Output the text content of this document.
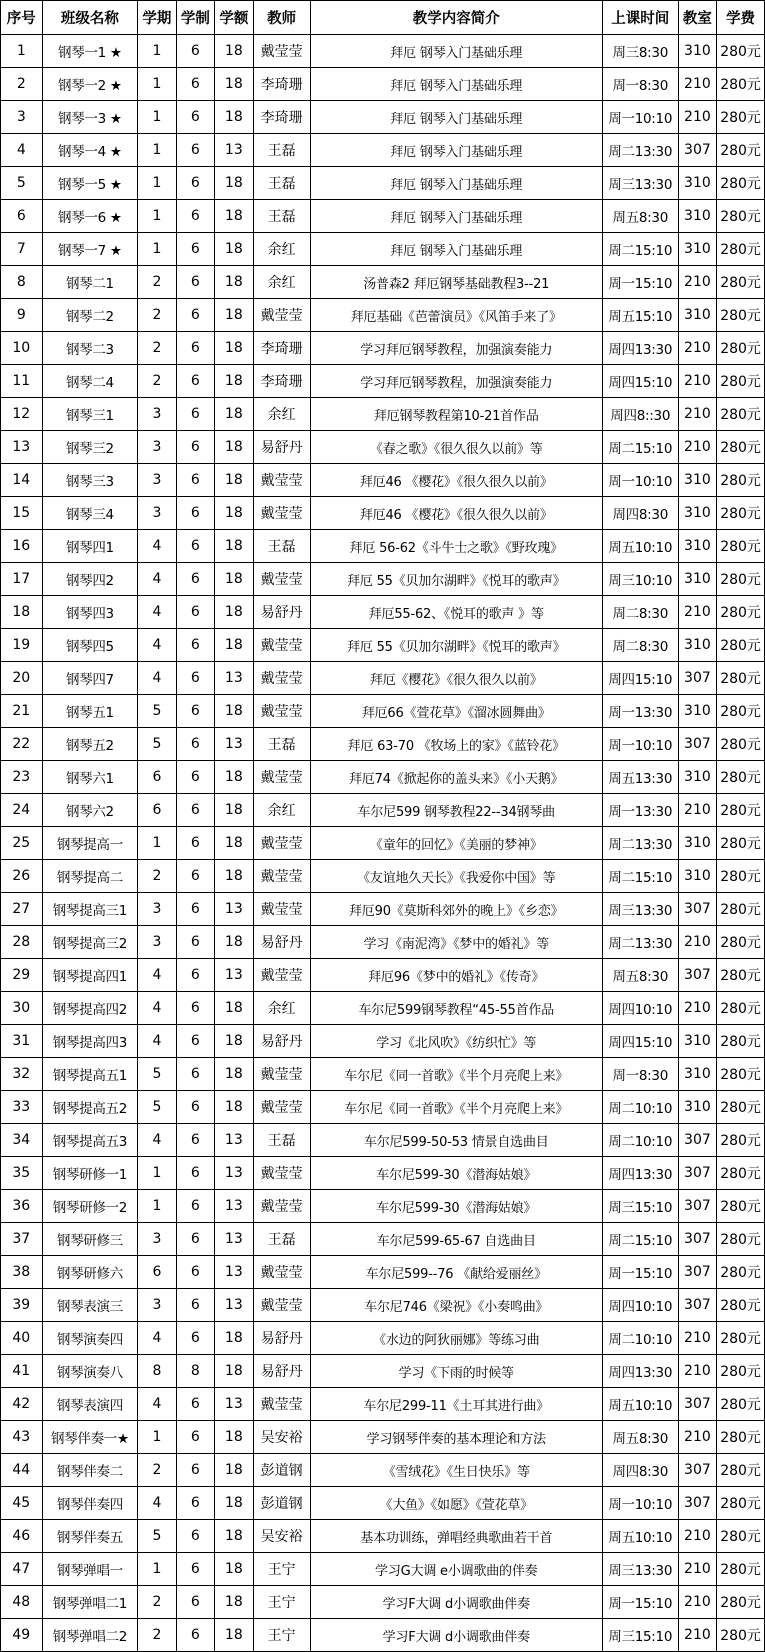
序号	班级名称	学期	学制	学额	教师	教学内容简介	上课时间	教室	学费
1	钢琴一1 ★	1	6	18	戴莹莹	拜厄 钢琴入门基础乐理	周三8:30	310	280元
2	钢琴一2 ★	1	6	18	李琦珊	拜厄 钢琴入门基础乐理	周一8:30	210	280元
3	钢琴一3 ★	1	6	18	李琦珊	拜厄 钢琴入门基础乐理	周一10:10	210	280元
4	钢琴一4 ★	1	6	13	王磊	拜厄 钢琴入门基础乐理	周二13:30	307	280元
5	钢琴一5 ★	1	6	18	王磊	拜厄 钢琴入门基础乐理	周三13:30	310	280元
6	钢琴一6 ★	1	6	18	王磊	拜厄 钢琴入门基础乐理	周五8:30	310	280元
7	钢琴一7 ★	1	6	18	余红	拜厄 钢琴入门基础乐理	周二15:10	310	280元
8	钢琴二1	2	6	18	余红	汤普森2 拜厄钢琴基础教程3--21	周一15:10	210	280元
9	钢琴二2	2	6	18	戴莹莹	拜厄基础《芭蕾演员》《风笛手来了》	周五15:10	310	280元
10	钢琴二3	2	6	18	李琦珊	学习拜厄钢琴教程，加强演奏能力	周四13:30	210	280元
11	钢琴二4	2	6	18	李琦珊	学习拜厄钢琴教程，加强演奏能力	周四15:10	210	280元
12	钢琴三1	3	6	18	余红	拜厄钢琴教程第10-21首作品	周四8::30	210	280元
13	钢琴三2	3	6	18	易舒丹	《春之歌》《很久很久以前》等	周二15:10	210	280元
14	钢琴三3	3	6	18	戴莹莹	拜厄46 《樱花》《很久很久以前》	周一10:10	310	280元
15	钢琴三4	3	6	18	戴莹莹	拜厄46 《樱花》《很久很久以前》	周四8:30	310	280元
16	钢琴四1	4	6	18	王磊	拜厄 56-62《斗牛士之歌》《野玫瑰》	周五10:10	310	280元
17	钢琴四2	4	6	18	戴莹莹	拜厄 55《贝加尔湖畔》《悦耳的歌声》	周三10:10	310	280元
18	钢琴四3	4	6	18	易舒丹	拜厄55-62、《悦耳的歌声 》等	周二8:30	210	280元
19	钢琴四5	4	6	18	戴莹莹	拜厄 55《贝加尔湖畔》《悦耳的歌声》	周二8:30	310	280元
20	钢琴四7	4	6	13	戴莹莹	拜厄《樱花》《很久很久以前》	周四15:10	307	280元
21	钢琴五1	5	6	18	戴莹莹	拜厄66《萱花草》《溜冰圆舞曲》	周一13:30	310	280元
22	钢琴五2	5	6	13	王磊	拜厄 63-70 《牧场上的家》《蓝铃花》	周一10:10	307	280元
23	钢琴六1	6	6	18	戴莹莹	拜厄74《掀起你的盖头来》《小天鹅》	周五13:30	310	280元
24	钢琴六2	6	6	18	余红	车尔尼599 钢琴教程22--34钢琴曲	周一13:30	210	280元
25	钢琴提高一	1	6	18	戴莹莹	《童年的回忆》《美丽的梦神》	周二13:30	310	280元
26	钢琴提高二	2	6	18	戴莹莹	《友谊地久天长》《我爱你中国》等	周二15:10	310	280元
27	钢琴提高三1	3	6	13	戴莹莹	拜厄90《莫斯科郊外的晚上》《乡恋》	周三13:30	307	280元
28	钢琴提高三2	3	6	18	易舒丹	学习《南泥湾》《梦中的婚礼》等	周二13:30	210	280元
29	钢琴提高四1	4	6	13	戴莹莹	拜厄96《梦中的婚礼》《传奇》	周五8:30	307	280元
30	钢琴提高四2	4	6	18	余红	车尔尼599钢琴教程“45-55首作品	周四10:10	210	280元
31	钢琴提高四3	4	6	18	易舒丹	学习《北风吹》《纺织忙》等	周四15:10	310	280元
32	钢琴提高五1	5	6	18	戴莹莹	车尔尼《同一首歌》《半个月亮爬上来》	周一8:30	310	280元
33	钢琴提高五2	5	6	18	戴莹莹	车尔尼《同一首歌》《半个月亮爬上来》	周二10:10	310	280元
34	钢琴提高五3	4	6	13	王磊	车尔尼599-50-53 情景自选曲目	周二10:10	307	280元
35	钢琴研修一1	1	6	13	戴莹莹	车尔尼599-30《潜海姑娘》	周四13:30	307	280元
36	钢琴研修一2	1	6	13	戴莹莹	车尔尼599-30《潜海姑娘》	周三15:10	307	280元
37	钢琴研修三	3	6	13	王磊	车尔尼599-65-67 自选曲目	周二15:10	307	280元
38	钢琴研修六	6	6	13	戴莹莹	车尔尼599--76 《献给爱丽丝》	周一15:10	307	280元
39	钢琴表演三	3	6	13	戴莹莹	车尔尼746《梁祝》《小奏鸣曲》	周四10:10	307	280元
40	钢琴演奏四	4	6	18	易舒丹	《水边的阿狄丽娜》等练习曲	周二10:10	210	280元
41	钢琴演奏八	8	8	18	易舒丹	学习《下雨的时候等	周四13:30	210	280元
42	钢琴表演四	4	6	13	戴莹莹	车尔尼299-11《土耳其进行曲》	周五10:10	307	280元
43	钢琴伴奏一★	1	6	18	吴安裕	学习钢琴伴奏的基本理论和方法	周五8:30	210	280元
44	钢琴伴奏二	2	6	18	彭道钢	《雪绒花》《生日快乐》等	周四8:30	307	280元
45	钢琴伴奏四	4	6	18	彭道钢	《大鱼》《如愿》《萱花草》	周一10:10	307	280元
46	钢琴伴奏五	5	6	18	吴安裕	基本功训练，弹唱经典歌曲若干首	周五10:10	210	280元
47	钢琴弹唱一	1	6	18	王宁	学习G大调 e小调歌曲的伴奏	周三13:30	210	280元
48	钢琴弹唱二1	2	6	18	王宁	学习F大调 d小调歌曲伴奏	周一15:10	210	280元
49	钢琴弹唱二2	2	6	18	王宁	学习F大调 d小调歌曲伴奏	周三15:10	210	280元
